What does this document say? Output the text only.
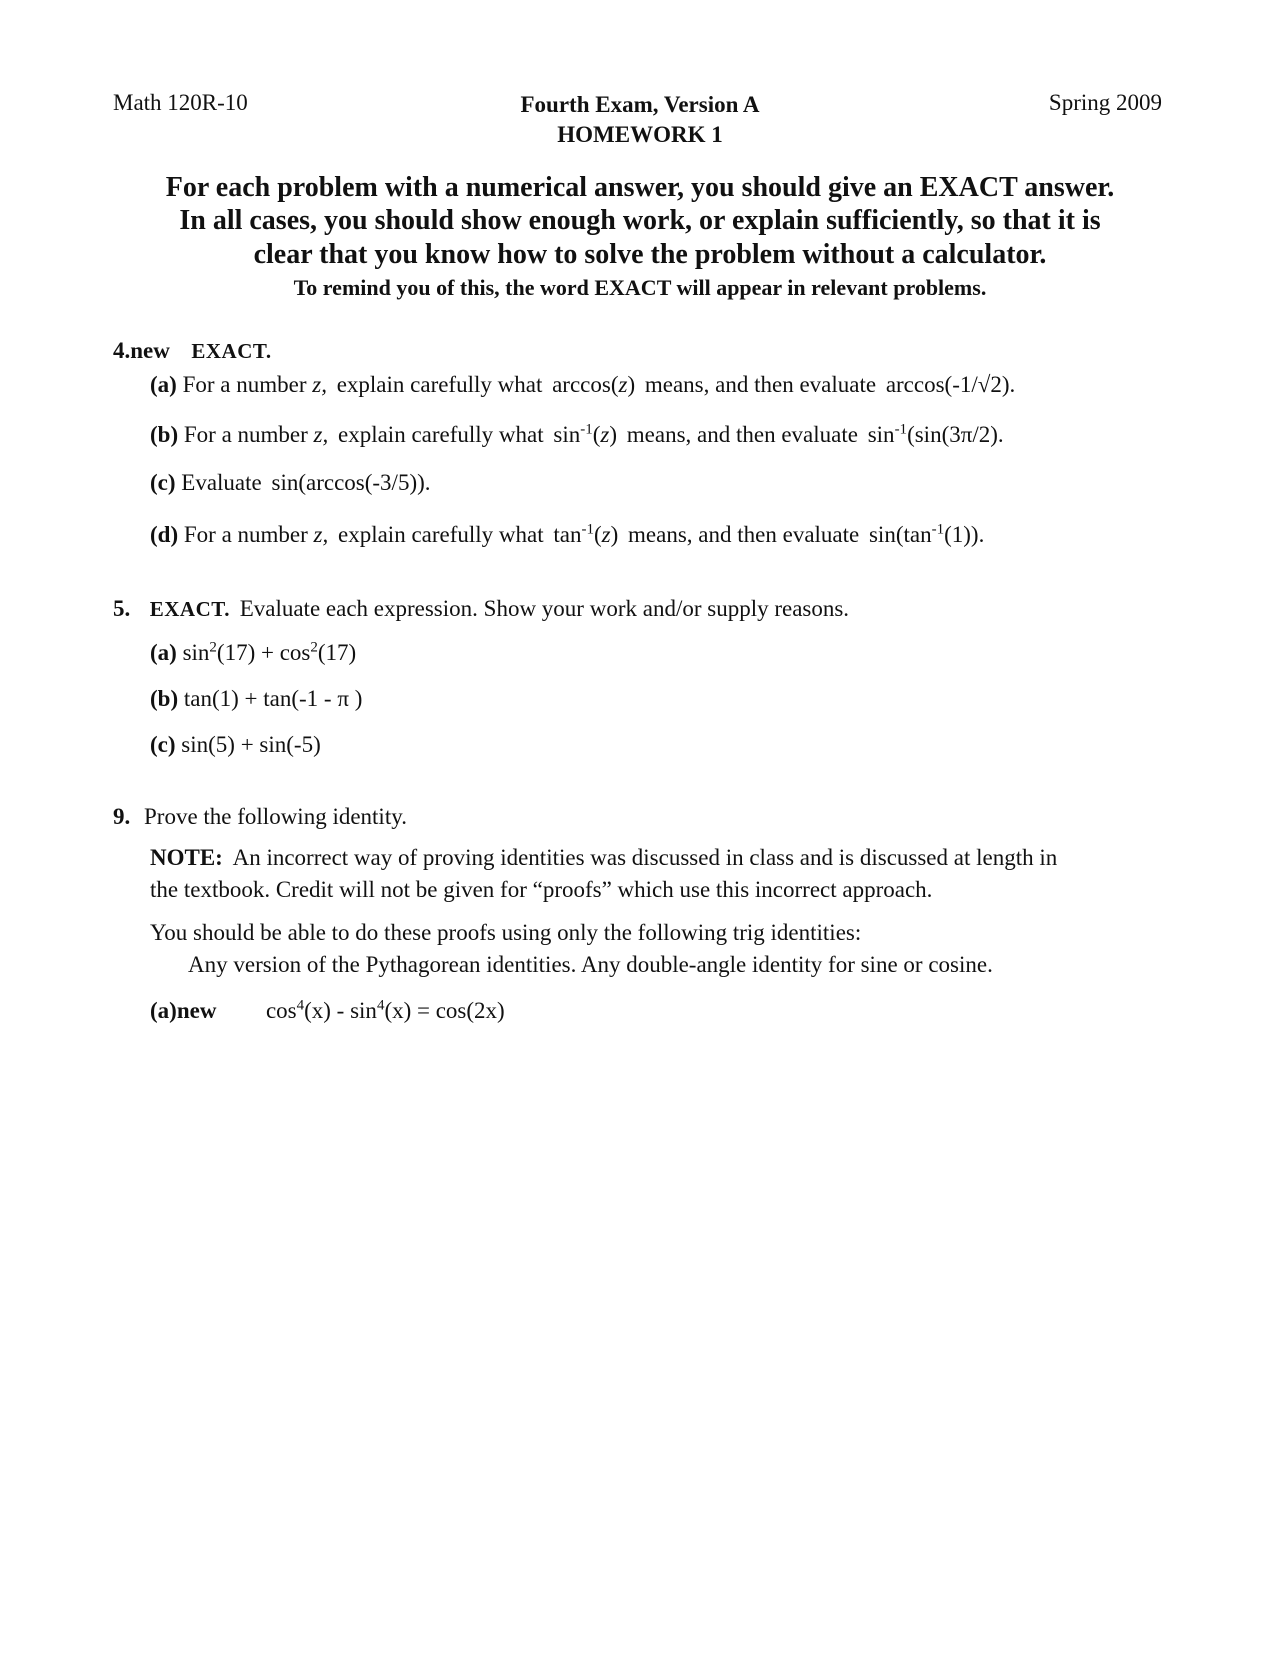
Math 120R-10	Fourth Exam, Version A
HOMEWORK 1
Spring 2009
For each problem with a numerical answer, you should give an EXACT answer.
In all cases, you should show enough work, or explain sufficiently, so that it is
clear that you know how to solve the problem without a calculator.
To remind you of this, the word EXACT will appear in relevant problems.
4.new EXACT.
(a) For a number z, explain carefully what arccos(z) means, and then evaluate arccos(-1/√2).
(b) For a number z, explain carefully what $\sin^{-1}(z)$ means, and then evaluate $\sin^{-1}(\sin(3\pi/2)$.
(c) Evaluate sin(arccos(-3/5)).
(d) For a number z, explain carefully what $\tan^{-1}(z)$ means, and then evaluate $\sin(\tan^{-1}(1))$.
5. EXACT. Evaluate each expression. Show your work and/or supply reasons.
(a) $\sin^2(17) + \cos^2(17)$
(b) tan(1) + tan(-1 - π )
(c) sin(5) + sin(-5)
9. Prove the following identity.
NOTE: An incorrect way of proving identities was discussed in class and is discussed at length in
the textbook. Credit will not be given for “proofs” which use this incorrect approach.
You should be able to do these proofs using only the following trig identities:
Any version of the Pythagorean identities. Any double-angle identity for sine or cosine.
(a)new $\cos^4(x) - \sin^4(x) = \cos(2x)$
